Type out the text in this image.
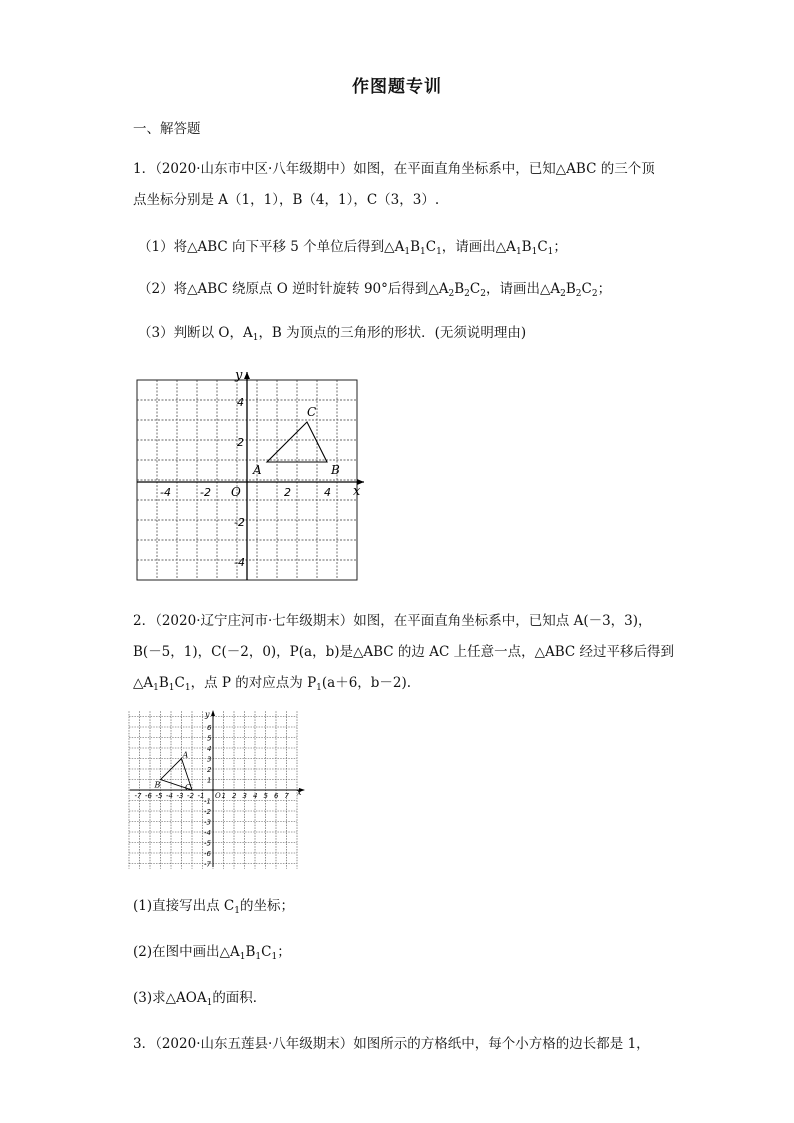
作图题专训
一、解答题
1．（2020·山东市中区·八年级期中）如图，在平面直角坐标系中，已知△ABC 的三个顶
点坐标分别是 A（1，1），B（4，1），C（3，3）.
（1）将△ABC 向下平移 5 个单位后得到$\triangle A_1B_1C_1$，请画出$\triangle A_1B_1C_1$；
（2）将△ABC 绕原点 O 逆时针旋转 90°后得到$\triangle A_2B_2C_2$，请画出$\triangle A_2B_2C_2$；
（3）判断以 O，$A_1$，B 为顶点的三角形的形状．(无须说明理由)
x
y
O
-4	-2	2	4
4
2
-2
-4
A	B
C
2．（2020·辽宁庄河市·七年级期末）如图，在平面直角坐标系中，已知点 A(－3，3)，
B(－5，1)，C(－2，0)，P(a，b)是△ABC 的边 AC 上任意一点，△ABC 经过平移后得到
$\triangle A_1B_1C_1$，点 P 的对应点为 $P_1(a+6$，b－2).
x
y
O
-7 -6 -5 -4 -3 -2 -1 1 2 3 4 5 6 7
6
5
4
3
2
1
-1
-2
-3
-4
-5
-6
-7
A
B	C
(1)直接写出点 $C_1$的坐标；
(2)在图中画出$\triangle A_1B_1C_1$；
(3)求$\triangle AOA_1$的面积．
3．（2020·山东五莲县·八年级期末）如图所示的方格纸中，每个小方格的边长都是 1，
